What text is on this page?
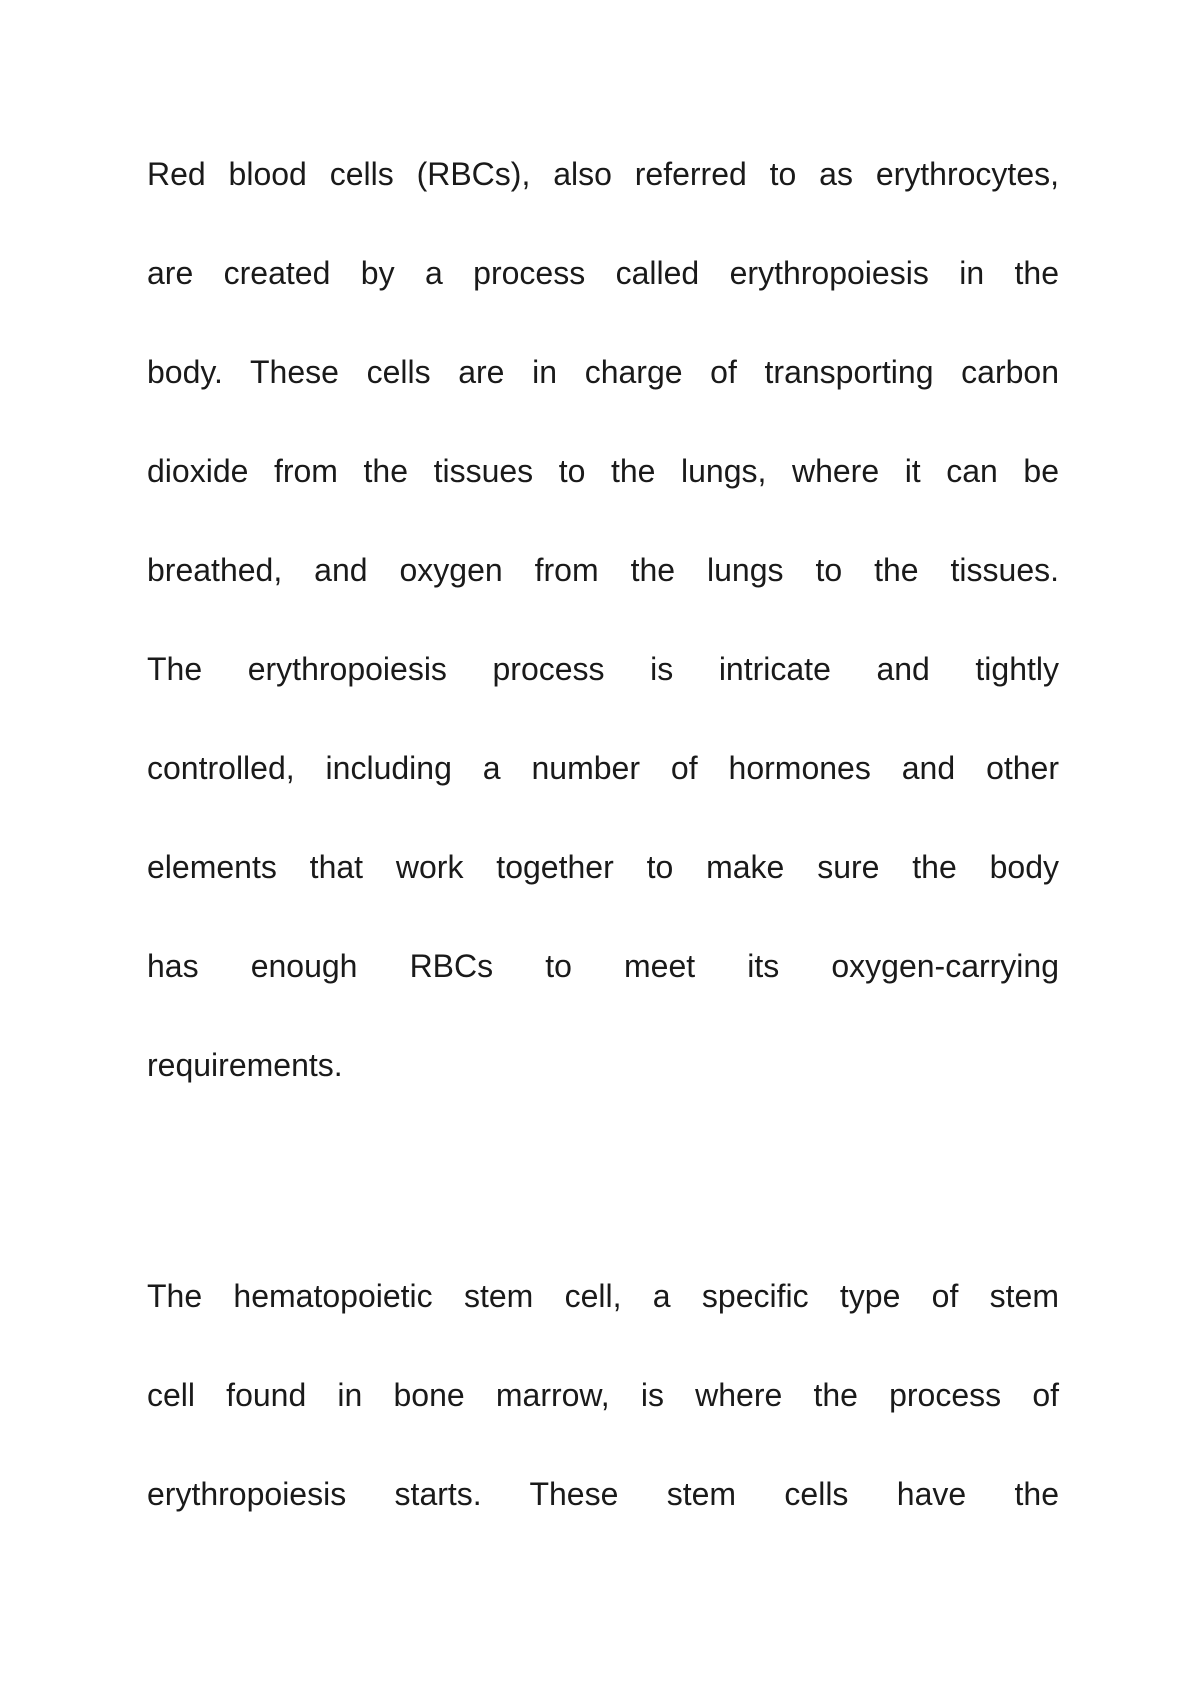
Red blood cells (RBCs), also referred to as erythrocytes,
are created by a process called erythropoiesis in the
body. These cells are in charge of transporting carbon
dioxide from the tissues to the lungs, where it can be
breathed, and oxygen from the lungs to the tissues.
The erythropoiesis process is intricate and tightly
controlled, including a number of hormones and other
elements that work together to make sure the body
has enough RBCs to meet its oxygen-carrying
requirements.
The hematopoietic stem cell, a specific type of stem
cell found in bone marrow, is where the process of
erythropoiesis starts. These stem cells have the
